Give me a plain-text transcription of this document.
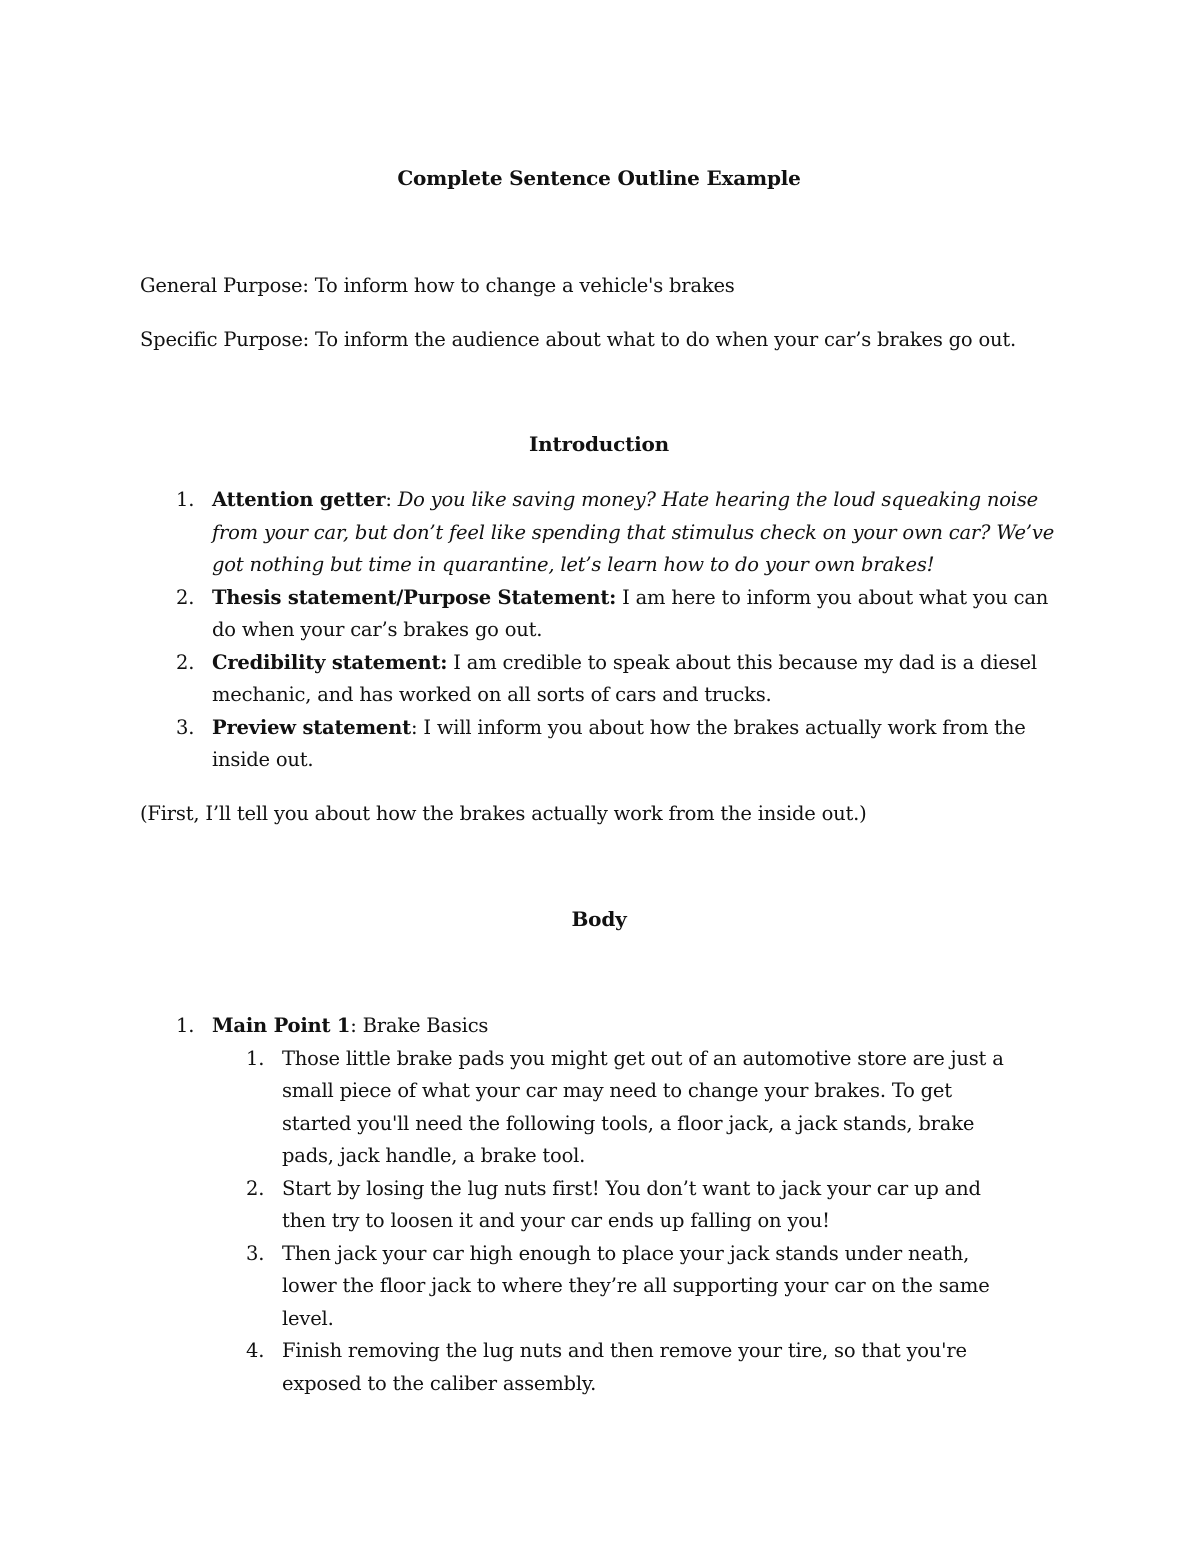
Complete Sentence Outline Example
General Purpose: To inform how to change a vehicle's brakes
Specific Purpose: To inform the audience about what to do when your car’s brakes go out.
Introduction
1. Attention getter: Do you like saving money? Hate hearing the loud squeaking noise from your car, but don’t feel like spending that stimulus check on your own car? We’ve got nothing but time in quarantine, let’s learn how to do your own brakes!
2. Thesis statement/Purpose Statement: I am here to inform you about what you can do when your car’s brakes go out.
2. Credibility statement: I am credible to speak about this because my dad is a diesel mechanic, and has worked on all sorts of cars and trucks.
3. Preview statement: I will inform you about how the brakes actually work from the inside out.
(First, I’ll tell you about how the brakes actually work from the inside out.)
Body
1. Main Point 1: Brake Basics
1. Those little brake pads you might get out of an automotive store are just a small piece of what your car may need to change your brakes. To get started you'll need the following tools, a floor jack, a jack stands, brake pads, jack handle, a brake tool.
2. Start by losing the lug nuts first! You don’t want to jack your car up and then try to loosen it and your car ends up falling on you!
3. Then jack your car high enough to place your jack stands under neath, lower the floor jack to where they’re all supporting your car on the same level.
4. Finish removing the lug nuts and then remove your tire, so that you're exposed to the caliber assembly.
